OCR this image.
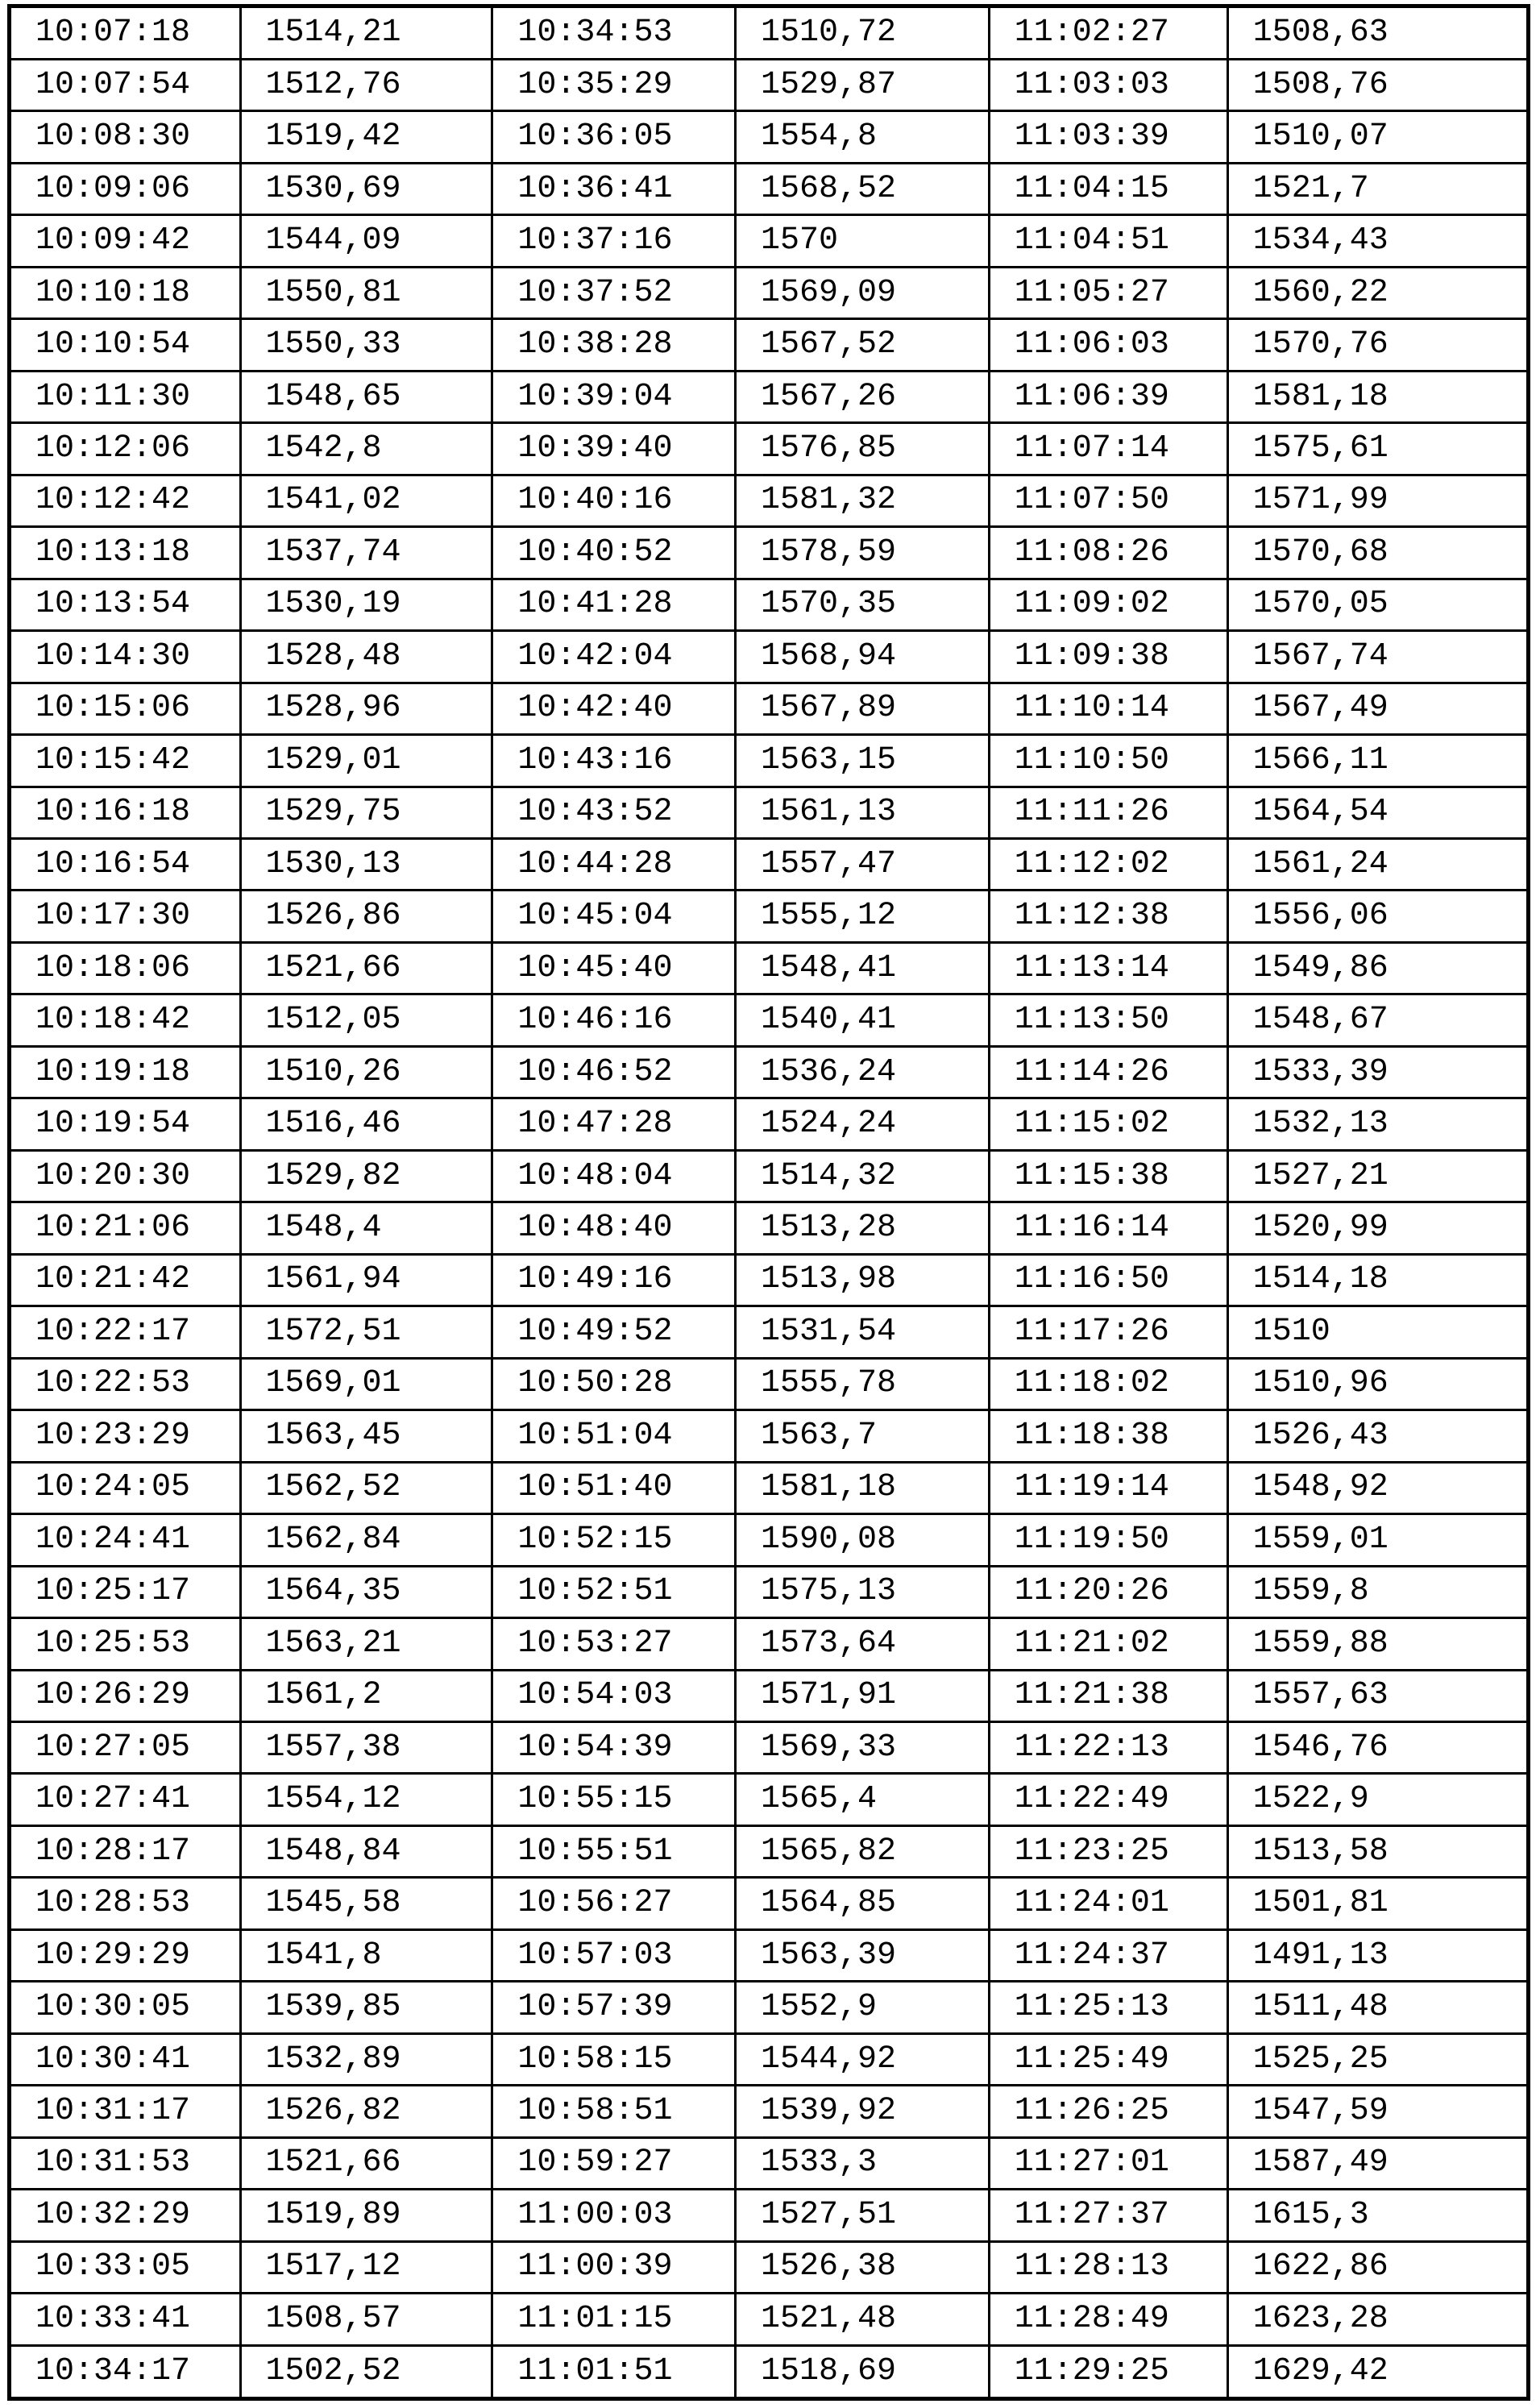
10:07:18	1514,21	10:34:53	1510,72	11:02:27	1508,63
10:07:54	1512,76	10:35:29	1529,87	11:03:03	1508,76
10:08:30	1519,42	10:36:05	1554,8	11:03:39	1510,07
10:09:06	1530,69	10:36:41	1568,52	11:04:15	1521,7
10:09:42	1544,09	10:37:16	1570	11:04:51	1534,43
10:10:18	1550,81	10:37:52	1569,09	11:05:27	1560,22
10:10:54	1550,33	10:38:28	1567,52	11:06:03	1570,76
10:11:30	1548,65	10:39:04	1567,26	11:06:39	1581,18
10:12:06	1542,8	10:39:40	1576,85	11:07:14	1575,61
10:12:42	1541,02	10:40:16	1581,32	11:07:50	1571,99
10:13:18	1537,74	10:40:52	1578,59	11:08:26	1570,68
10:13:54	1530,19	10:41:28	1570,35	11:09:02	1570,05
10:14:30	1528,48	10:42:04	1568,94	11:09:38	1567,74
10:15:06	1528,96	10:42:40	1567,89	11:10:14	1567,49
10:15:42	1529,01	10:43:16	1563,15	11:10:50	1566,11
10:16:18	1529,75	10:43:52	1561,13	11:11:26	1564,54
10:16:54	1530,13	10:44:28	1557,47	11:12:02	1561,24
10:17:30	1526,86	10:45:04	1555,12	11:12:38	1556,06
10:18:06	1521,66	10:45:40	1548,41	11:13:14	1549,86
10:18:42	1512,05	10:46:16	1540,41	11:13:50	1548,67
10:19:18	1510,26	10:46:52	1536,24	11:14:26	1533,39
10:19:54	1516,46	10:47:28	1524,24	11:15:02	1532,13
10:20:30	1529,82	10:48:04	1514,32	11:15:38	1527,21
10:21:06	1548,4	10:48:40	1513,28	11:16:14	1520,99
10:21:42	1561,94	10:49:16	1513,98	11:16:50	1514,18
10:22:17	1572,51	10:49:52	1531,54	11:17:26	1510
10:22:53	1569,01	10:50:28	1555,78	11:18:02	1510,96
10:23:29	1563,45	10:51:04	1563,7	11:18:38	1526,43
10:24:05	1562,52	10:51:40	1581,18	11:19:14	1548,92
10:24:41	1562,84	10:52:15	1590,08	11:19:50	1559,01
10:25:17	1564,35	10:52:51	1575,13	11:20:26	1559,8
10:25:53	1563,21	10:53:27	1573,64	11:21:02	1559,88
10:26:29	1561,2	10:54:03	1571,91	11:21:38	1557,63
10:27:05	1557,38	10:54:39	1569,33	11:22:13	1546,76
10:27:41	1554,12	10:55:15	1565,4	11:22:49	1522,9
10:28:17	1548,84	10:55:51	1565,82	11:23:25	1513,58
10:28:53	1545,58	10:56:27	1564,85	11:24:01	1501,81
10:29:29	1541,8	10:57:03	1563,39	11:24:37	1491,13
10:30:05	1539,85	10:57:39	1552,9	11:25:13	1511,48
10:30:41	1532,89	10:58:15	1544,92	11:25:49	1525,25
10:31:17	1526,82	10:58:51	1539,92	11:26:25	1547,59
10:31:53	1521,66	10:59:27	1533,3	11:27:01	1587,49
10:32:29	1519,89	11:00:03	1527,51	11:27:37	1615,3
10:33:05	1517,12	11:00:39	1526,38	11:28:13	1622,86
10:33:41	1508,57	11:01:15	1521,48	11:28:49	1623,28
10:34:17	1502,52	11:01:51	1518,69	11:29:25	1629,42
